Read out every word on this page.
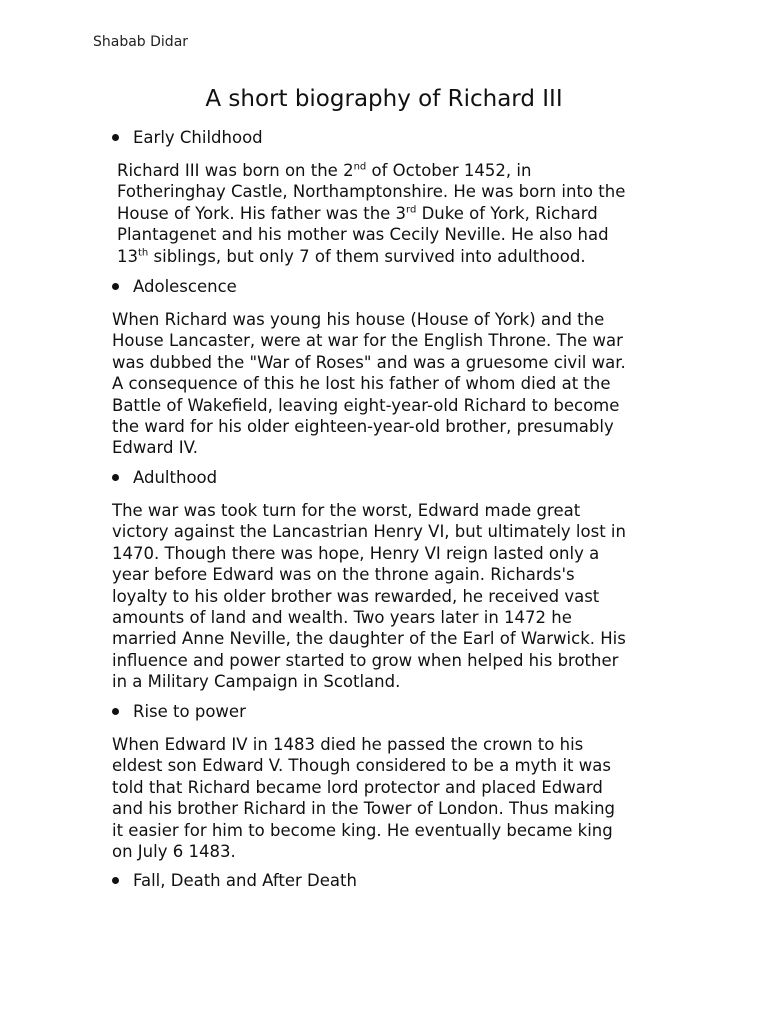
Shabab Didar
A short biography of Richard III
Early Childhood

Richard III was born on the 2nd of October 1452, in

Fotheringhay Castle, Northamptonshire. He was born into the

House of York. His father was the 3rd Duke of York, Richard

Plantagenet and his mother was Cecily Neville. He also had

13th siblings, but only 7 of them survived into adulthood.

Adolescence

When Richard was young his house (House of York) and the

House Lancaster, were at war for the English Throne. The war

was dubbed the "War of Roses" and was a gruesome civil war.

A consequence of this he lost his father of whom died at the

Battle of Wakefield, leaving eight-year-old Richard to become

the ward for his older eighteen-year-old brother, presumably

Edward IV.

Adulthood

The war was took turn for the worst, Edward made great

victory against the Lancastrian Henry VI, but ultimately lost in

1470. Though there was hope, Henry VI reign lasted only a

year before Edward was on the throne again. Richards's

loyalty to his older brother was rewarded, he received vast

amounts of land and wealth. Two years later in 1472 he

married Anne Neville, the daughter of the Earl of Warwick. His

influence and power started to grow when helped his brother

in a Military Campaign in Scotland.

Rise to power

When Edward IV in 1483 died he passed the crown to his

eldest son Edward V. Though considered to be a myth it was

told that Richard became lord protector and placed Edward

and his brother Richard in the Tower of London. Thus making

it easier for him to become king. He eventually became king

on July 6 1483.

Fall, Death and After Death
